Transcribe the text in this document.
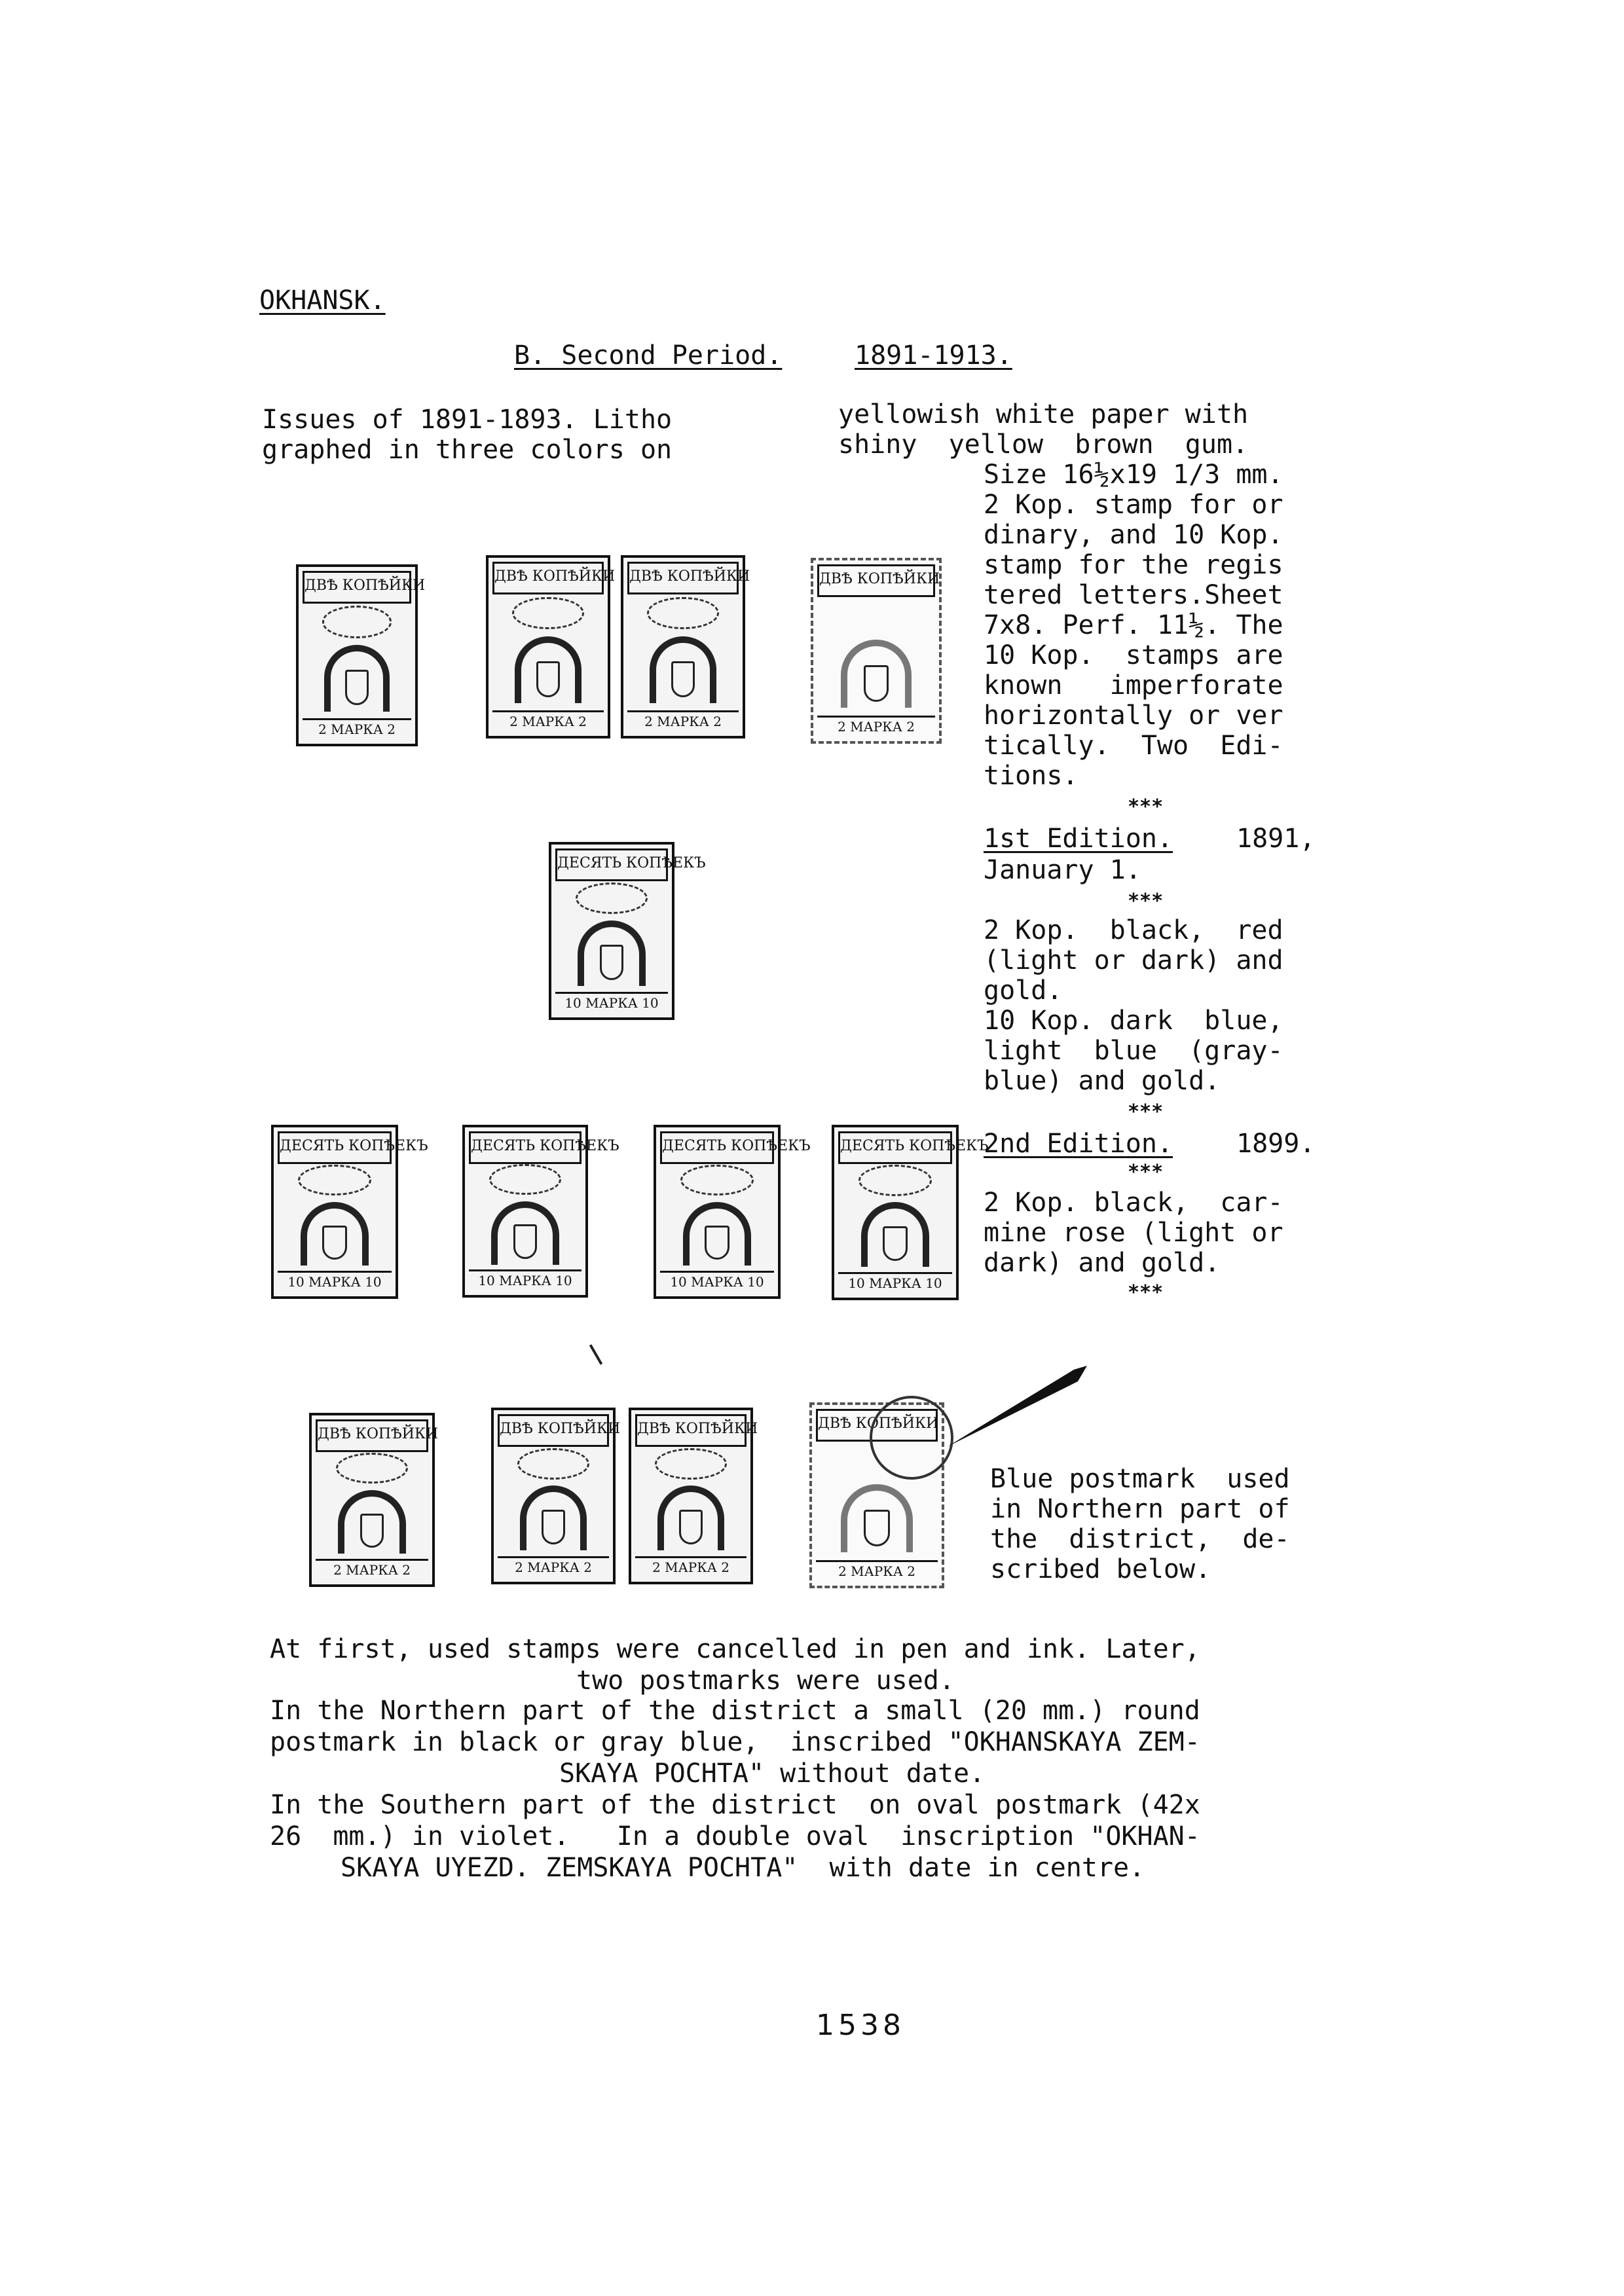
OKHANSK.
B. Second Period.	1891-1913.
Issues of 1891-1893. Litho
graphed in three colors on
yellowish white paper with
shiny  yellow  brown  gum.
Size 16½x19 1/3 mm.
2 Kop. stamp for or
dinary, and 10 Kop.
stamp for the regis
tered letters.Sheet
7x8. Perf. 11½. The
10 Kop.  stamps are
known   imperforate
horizontally or ver
tically.  Two  Edi-
tions.
***
1st Edition. 1891,
January 1.
***
2 Kop.  black,  red
(light or dark) and
gold.
10 Kop. dark  blue,
light  blue  (gray-
blue) and gold.
***
2nd Edition. 1899.
***
2 Kop. black,  car-
mine rose (light or
dark) and gold.
***
ДВѢ КОПѢЙКИ
2 МАРКА 2
ДВѢ КОПѢЙКИ
2 МАРКА 2
ДВѢ КОПѢЙКИ
2 МАРКА 2
ДВѢ КОПѢЙКИ
2 МАРКА 2
ДЕСЯТЬ КОПѢЕКЪ
10 МАРКА 10
ДЕСЯТЬ КОПѢЕКЪ
10 МАРКА 10
ДЕСЯТЬ КОПѢЕКЪ
10 МАРКА 10
ДЕСЯТЬ КОПѢЕКЪ
10 МАРКА 10
ДЕСЯТЬ КОПѢЕКЪ
10 МАРКА 10
ДВѢ КОПѢЙКИ
2 МАРКА 2
ДВѢ КОПѢЙКИ
2 МАРКА 2
ДВѢ КОПѢЙКИ
2 МАРКА 2
ДВѢ КОПѢЙКИ
2 МАРКА 2
Blue postmark  used
in Northern part of
the  district,  de-
scribed below.
At first, used stamps were cancelled in pen and ink. Later,
two postmarks were used.
In the Northern part of the district a small (20 mm.) round
postmark in black or gray blue,  inscribed "OKHANSKAYA ZEM-
SKAYA POCHTA" without date.
In the Southern part of the district  on oval postmark (42x
26  mm.) in violet.   In a double oval  inscription "OKHAN-
SKAYA UYEZD. ZEMSKAYA POCHTA"  with date in centre.
1538
